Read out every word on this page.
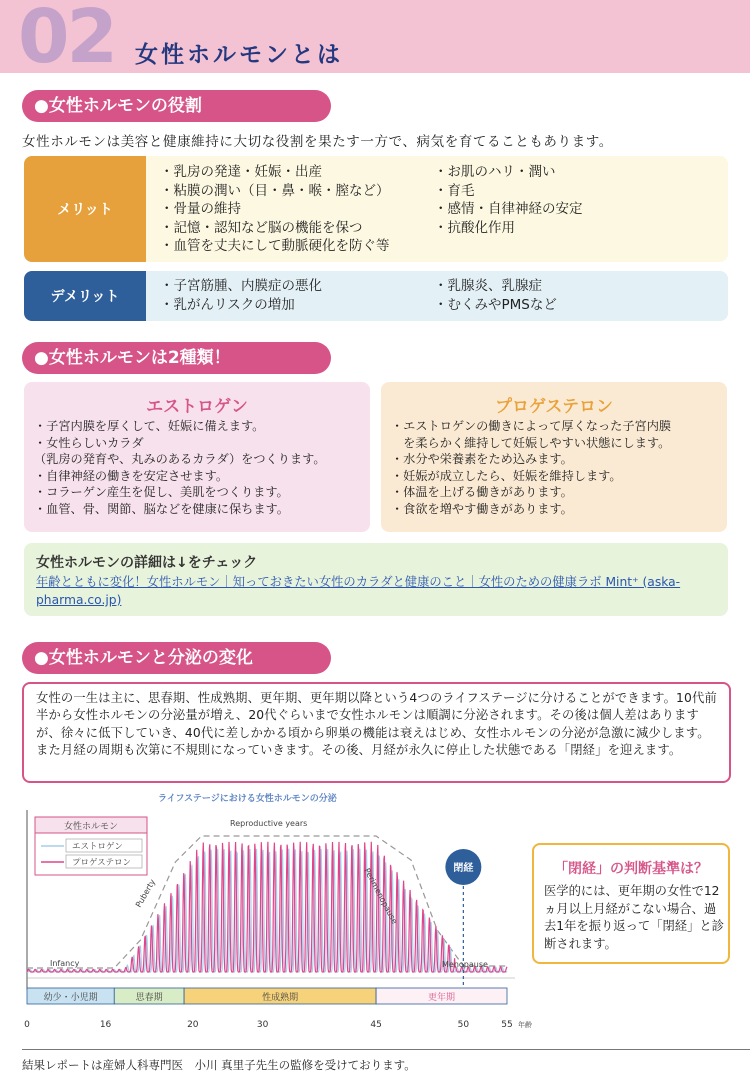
02 女性ホルモンとは
●女性ホルモンの役割
女性ホルモンは美容と健康維持に大切な役割を果たす一方で、病気を育てることもあります。
メリット
・乳房の発達・妊娠・出産
・粘膜の潤い（目・鼻・喉・膣など）
・骨量の維持
・記憶・認知など脳の機能を保つ
・血管を丈夫にして動脈硬化を防ぐ等
・お肌のハリ・潤い
・育毛
・感情・自律神経の安定
・抗酸化作用
デメリット
・子宮筋腫、内膜症の悪化
・乳がんリスクの増加
・乳腺炎、乳腺症
・むくみやPMSなど
●女性ホルモンは2種類！
エストロゲン
・子宮内膜を厚くして、妊娠に備えます。
・女性らしいカラダ
（乳房の発育や、丸みのあるカラダ）をつくります。
・自律神経の働きを安定させます。
・コラーゲン産生を促し、美肌をつくります。
・血管、骨、関節、脳などを健康に保ちます。
プロゲステロン
・エストロゲンの働きによって厚くなった子宮内膜
　を柔らかく維持して妊娠しやすい状態にします。
・水分や栄養素をため込みます。
・妊娠が成立したら、妊娠を維持します。
・体温を上げる働きがあります。
・食欲を増やす働きがあります。
女性ホルモンの詳細は↓をチェック
年齢とともに変化！女性ホルモン｜知っておきたい女性のカラダと健康のこと｜女性のための健康ラボ Mint⁺ (aska-pharma.co.jp)
●女性ホルモンと分泌の変化
女性の一生は主に、思春期、性成熟期、更年期、更年期以降という4つのライフステージに分けることができます。10代前半から女性ホルモンの分泌量が増え、20代ぐらいまで女性ホルモンは順調に分泌されます。その後は個人差はありますが、徐々に低下していき、40代に差しかかる頃から卵巣の機能は衰えはじめ、女性ホルモンの分泌が急激に減少します。また月経の周期も次第に不規則になっていきます。その後、月経が永久に停止した状態である「閉経」を迎えます。
ライフステージにおける女性ホルモンの分泌
閉経
Reproductive years
Infancy	Menopause
Puberty	Perimenopause
女性ホルモン
エストロゲン
プロゲステロン
幼少・小児期	思春期	性成熟期	更年期
0	16	20	30	45	50	55 年齢
「閉経」の判断基準は？
医学的には、更年期の女性で12ヵ月以上月経がこない場合、過去1年を振り返って「閉経」と診断されます。
結果レポートは産婦人科専門医　小川 真里子先生の監修を受けております。
